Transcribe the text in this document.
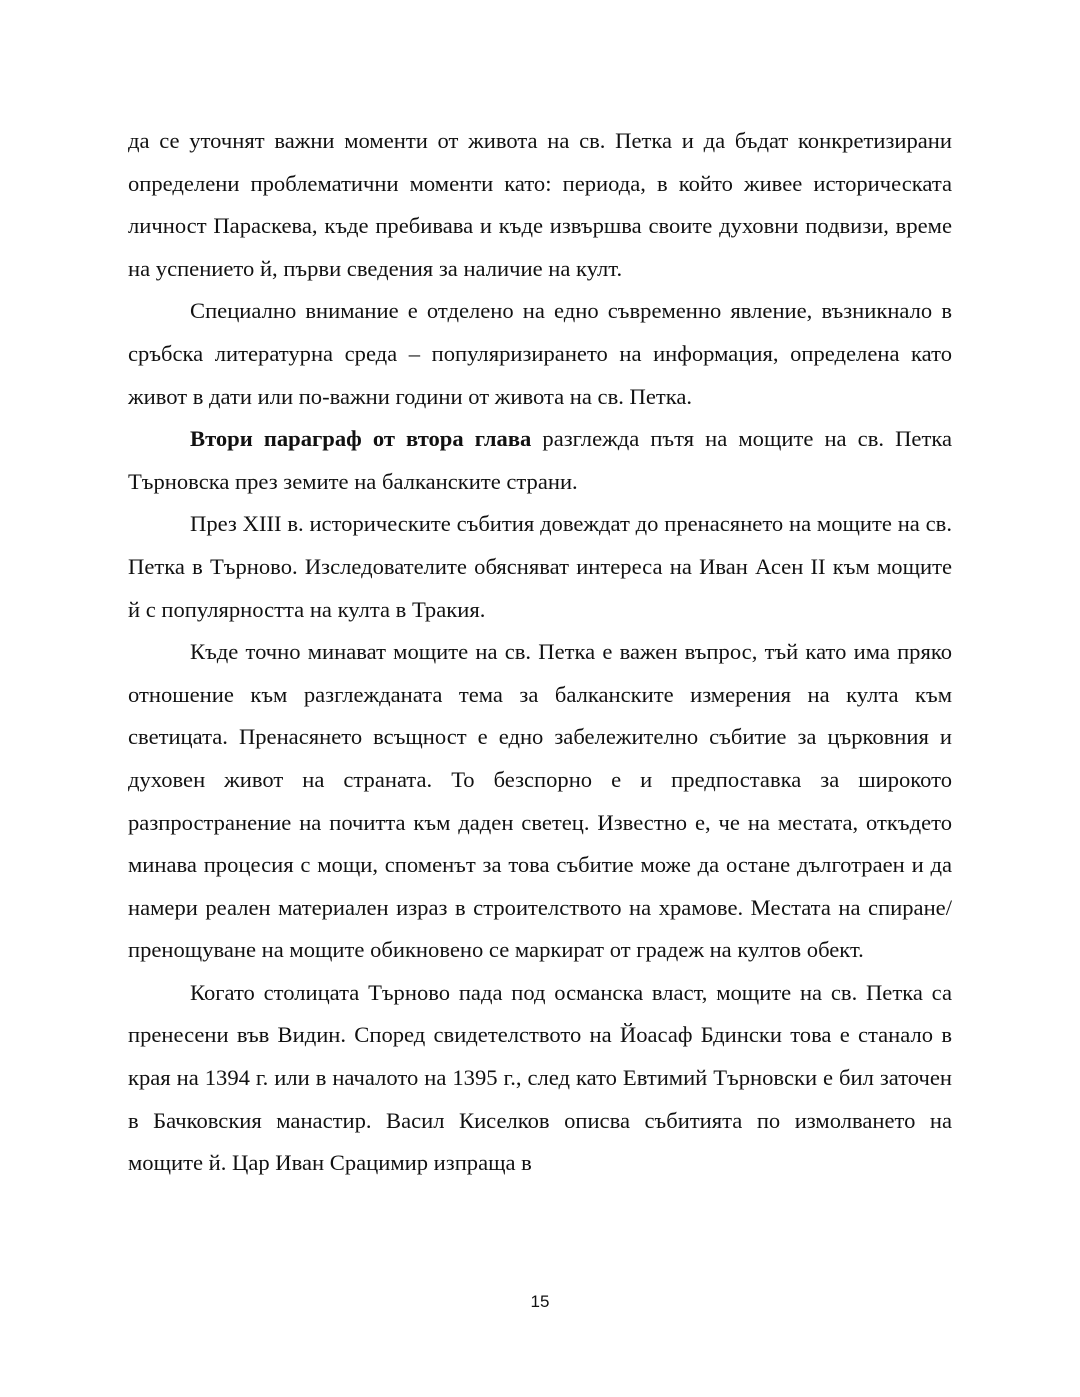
да се уточнят важни моменти от живота на св. Петка и да бъдат конкретизирани определени проблематични моменти като: периода, в който живее историческата личност Параскева, къде пребивава и къде извършва своите духовни подвизи, време на успението й, първи сведения за наличие на култ.

Специално внимание е отделено на едно съвременно явление, възникнало в сръбска литературна среда – популяризирането на информация, определена като живот в дати или по-важни години от живота на св. Петка.

Втори параграф от втора глава разглежда пътя на мощите на св. Петка Търновска през земите на балканските страни.

През XIII в. историческите събития довеждат до пренасянето на мощите на св. Петка в Търново. Изследователите обясняват интереса на Иван Асен II към мощите й с популярността на култа в Тракия.

Къде точно минават мощите на св. Петка е важен въпрос, тъй като има пряко отношение към разглежданата тема за балканските измерения на култа към светицата. Пренасянето всъщност е едно забележително събитие за църковния и духовен живот на страната. То безспорно е и предпоставка за широкото разпространение на почитта към даден светец. Известно е, че на местата, откъдето минава процесия с мощи, споменът за това събитие може да остане дълготраен и да намери реален материален израз в строителството на храмове. Местата на спиране/пренощуване на мощите обикновено се маркират от градеж на култов обект.

Когато столицата Търново пада под османска власт, мощите на св. Петка са пренесени във Видин. Според свидетелството на Йоасаф Бдински това е станало в края на 1394 г. или в началото на 1395 г., след като Евтимий Търновски е бил заточен в Бачковския манастир. Васил Киселков описва събитията по измолването на мощите й. Цар Иван Срацимир изпраща в

15
